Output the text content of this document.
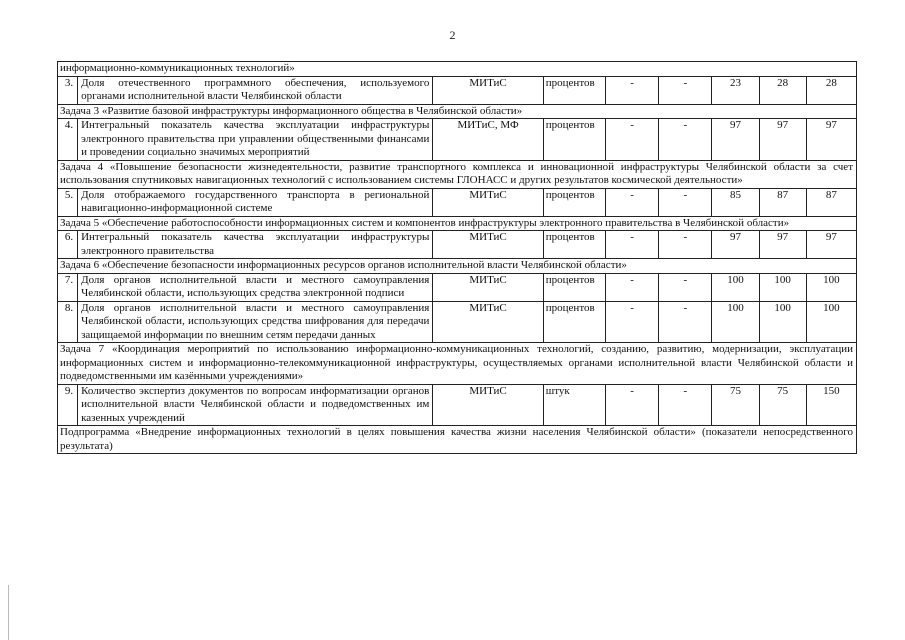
2
информационно-коммуникационных технологий»								
3.	Доля отечественного программного обеспечения, используемого органами исполнительной власти Челябинской области	МИТиС	процентов	-	-	23	28	28
Задача 3 «Развитие базовой инфраструктуры информационного общества в Челябинской области»								
4.	Интегральный показатель качества эксплуатации инфраструктуры электронного правительства при управлении общественными финансами и проведении социально значимых мероприятий	МИТиС, МФ	процентов	-	-	97	97	97
Задача 4 «Повышение безопасности жизнедеятельности, развитие транспортного комплекса и инновационной инфраструктуры Челябинской области за счет использования спутниковых навигационных технологий с использованием системы ГЛОНАСС и других результатов космической деятельности»								
5.	Доля отображаемого государственного транспорта в региональной навигационно-информационной системе	МИТиС	процентов	-	-	85	87	87
Задача 5 «Обеспечение работоспособности информационных систем и компонентов инфраструктуры электронного правительства в Челябинской области»								
6.	Интегральный показатель качества эксплуатации инфраструктуры электронного правительства	МИТиС	процентов	-	-	97	97	97
Задача 6 «Обеспечение безопасности информационных ресурсов органов исполнительной власти Челябинской области»								
7.	Доля органов исполнительной власти и местного самоуправления Челябинской области, использующих средства электронной подписи	МИТиС	процентов	-	-	100	100	100
8.	Доля органов исполнительной власти и местного самоуправления Челябинской области, использующих средства шифрования для передачи защищаемой информации по внешним сетям передачи данных	МИТиС	процентов	-	-	100	100	100
Задача 7 «Координация мероприятий по использованию информационно-коммуникационных технологий, созданию, развитию, модернизации, эксплуатации информационных систем и информационно-телекоммуникационной инфраструктуры, осуществляемых органами исполнительной власти Челябинской области и подведомственными им казёнными учреждениями»								
9.	Количество экспертиз документов по вопросам информатизации органов исполнительной власти Челябинской области и подведомственных им казенных учреждений	МИТиС	штук	-	-	75	75	150
Подпрограмма «Внедрение информационных технологий в целях повышения качества жизни населения Челябинской области» (показатели непосредственного результата)								
